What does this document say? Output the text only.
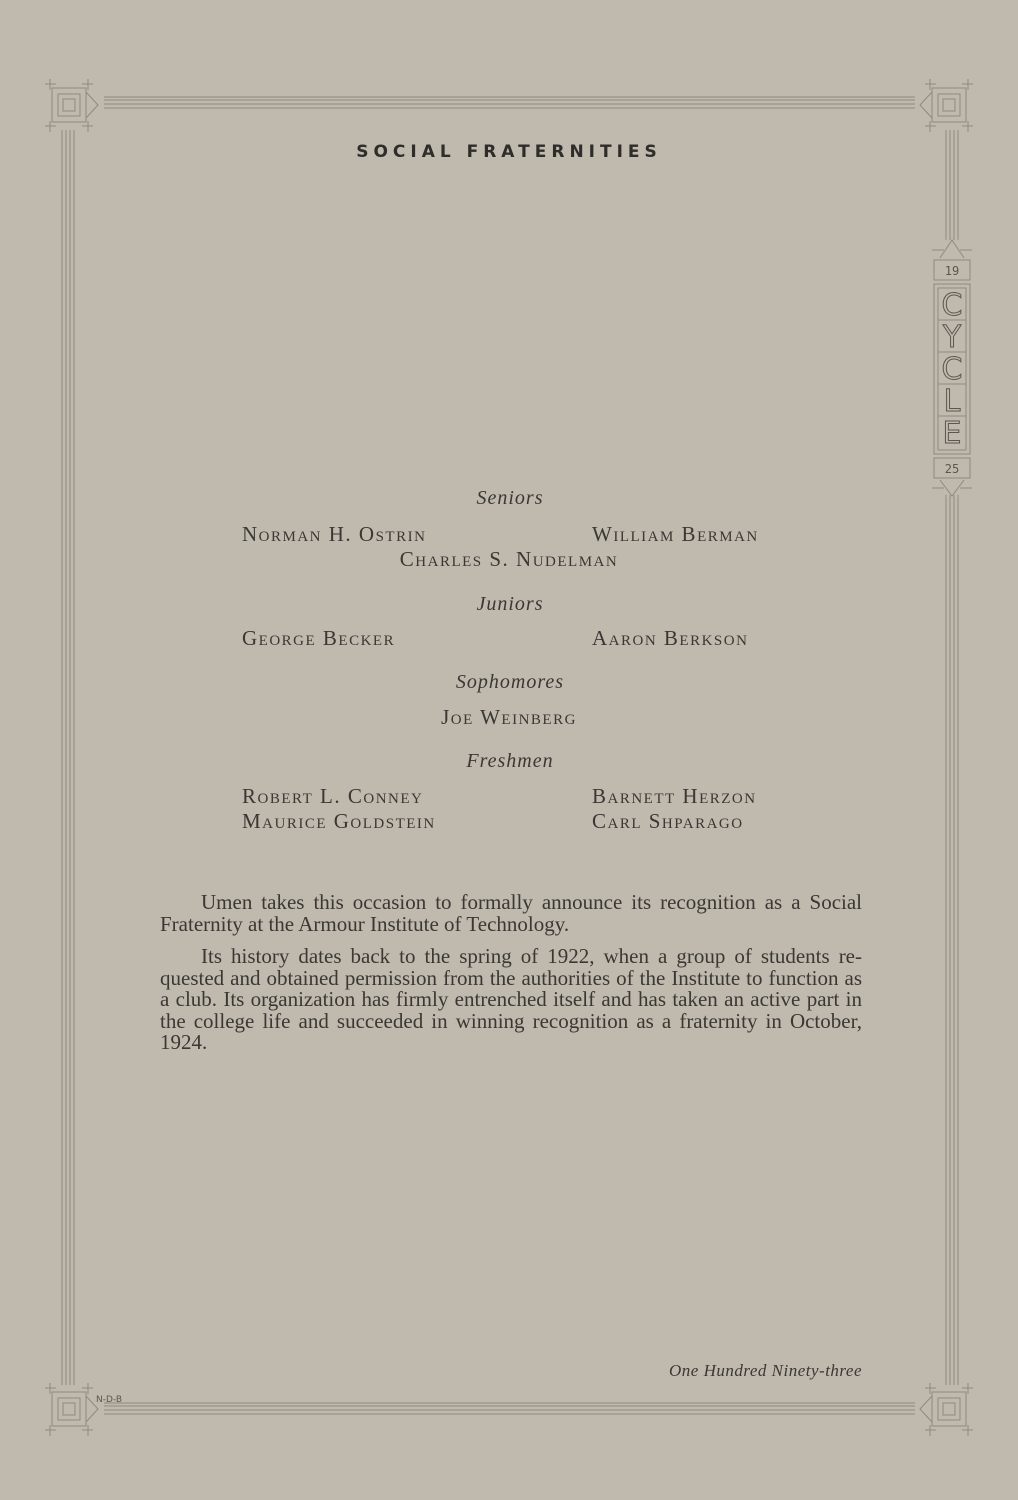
19
25
C
Y
C
L
E
N-D-B
SOCIAL FRATERNITIES
Seniors
Norman H. Ostrin	William Berman
Charles S. Nudelman
Juniors
George Becker	Aaron Berkson
Sophomores
Joe Weinberg
Freshmen
Robert L. Conney	Barnett Herzon
Maurice Goldstein	Carl Shparago

Umen takes this occasion to formally announce its recognition as a Social Fraternity at the Armour Institute of Technology.

Its history dates back to the spring of 1922, when a group of students re-quested and obtained permission from the authorities of the Institute to function as a club. Its organization has firmly entrenched itself and has taken an active part in the college life and succeeded in winning recognition as a fraternity in October, 1924.

One Hundred Ninety-three
